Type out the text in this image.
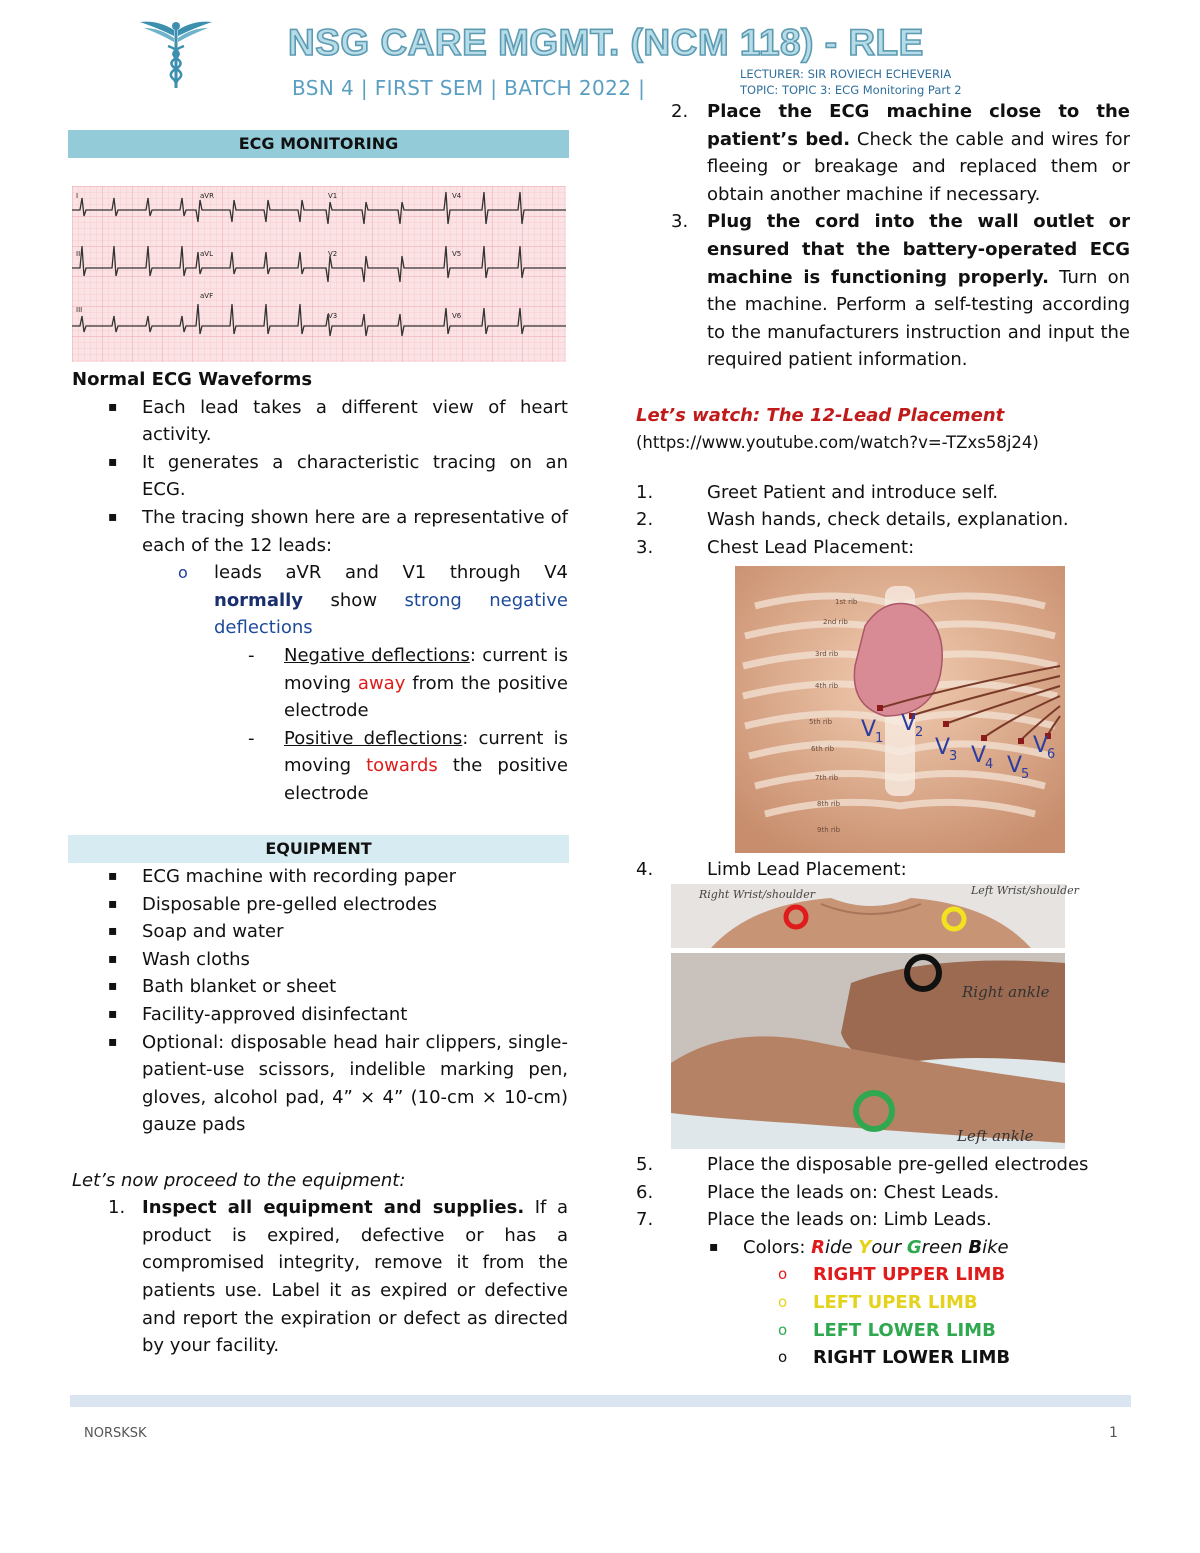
NSG CARE MGMT. (NCM 118) - RLE
BSN 4 | FIRST SEM | BATCH 2022 |
LECTURER: SIR ROVIECH ECHEVERIA
TOPIC: TOPIC 3: ECG Monitoring Part 2
ECG MONITORING
I	aVR	V1	V4
II	aVL	V2	V5
III
aVF
V3	V6
Normal ECG Waveforms
▪ Each lead takes a different view of heart activity.
▪ It generates a characteristic tracing on an ECG.
▪ The tracing shown here are a representative of each of the 12 leads:
o leads aVR and V1 through V4 normally show strong negative deflections
- Negative deflections: current is moving away from the positive electrode
- Positive deflections: current is moving towards the positive electrode
EQUIPMENT
▪ ECG machine with recording paper
▪ Disposable pre-gelled electrodes
▪ Soap and water
▪ Wash cloths
▪ Bath blanket or sheet
▪ Facility-approved disinfectant
▪ Optional: disposable head hair clippers, single-patient-use scissors, indelible marking pen, gloves, alcohol pad, 4” × 4” (10-cm × 10-cm) gauze pads
Let’s now proceed to the equipment:
1. Inspect all equipment and supplies. If a product is expired, defective or has a compromised integrity, remove it from the patients use. Label it as expired or defective and report the expiration or defect as directed by your facility.
2. Place the ECG machine close to the patient’s bed. Check the cable and wires for fleeing or breakage and replaced them or obtain another machine if necessary.
3. Plug the cord into the wall outlet or ensured that the battery-operated ECG machine is functioning properly. Turn on the machine. Perform a self-testing according to the manufacturers instruction and input the required patient information.
Let’s watch: The 12-Lead Placement
(https://www.youtube.com/watch?v=-TZxs58j24)
1.	Greet Patient and introduce self.
2.	Wash hands, check details, explanation.
3.	Chest Lead Placement:
1st rib
2nd rib
3rd rib
4th rib
5th rib
6th rib
7th rib
8th rib
9th rib
V
1
V
2
V
3 V
4 V
5
V
6
4.	Limb Lead Placement:
Right Wrist/shoulder	Left Wrist/shoulder
Right ankle
Left ankle
5.	Place the disposable pre-gelled electrodes
6.	Place the leads on: Chest Leads.
7.	Place the leads on: Limb Leads.
▪ Colors: Ride Your Green Bike
o RIGHT UPPER LIMB
o LEFT UPER LIMB
o LEFT LOWER LIMB
o RIGHT LOWER LIMB
NORSKSK	1
